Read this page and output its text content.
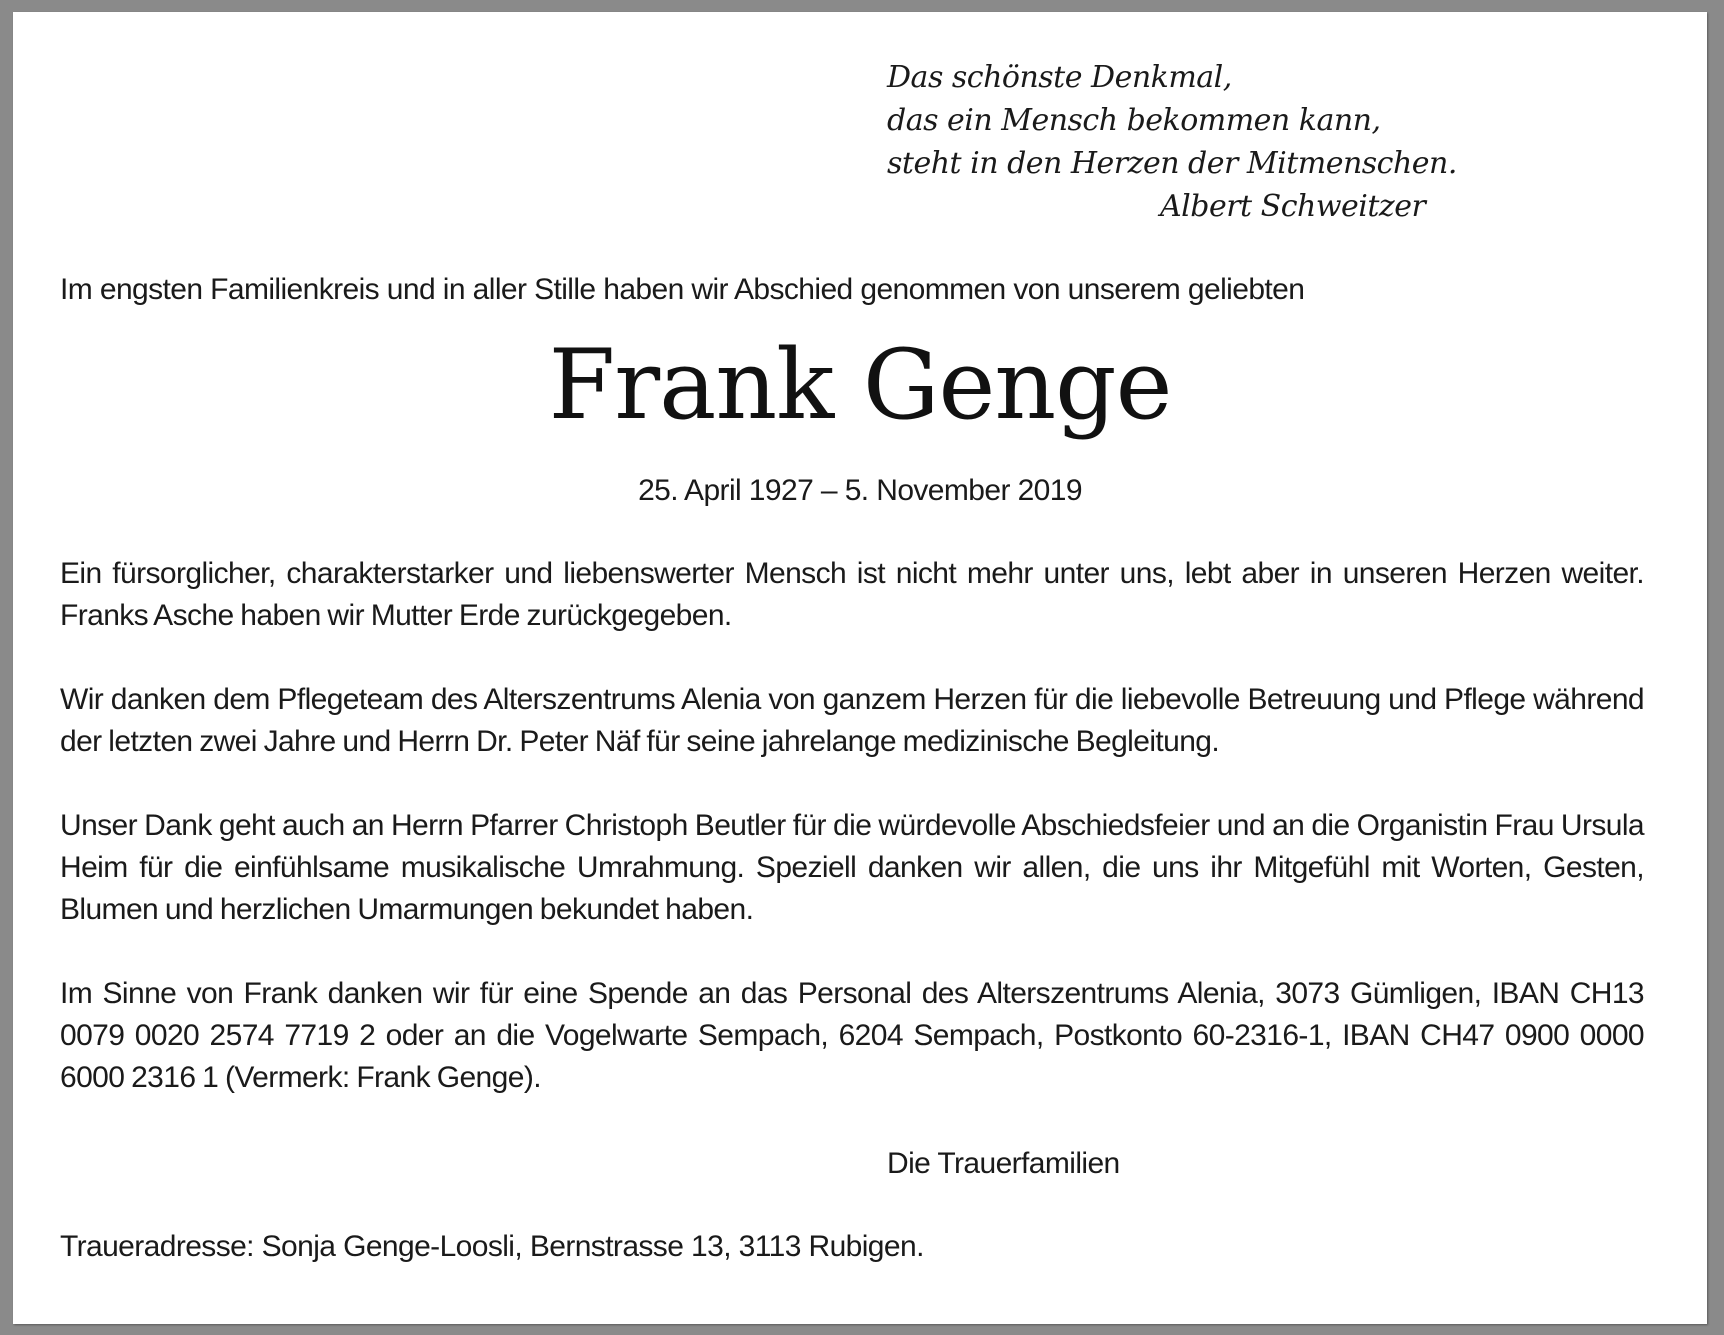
Das schönste Denkmal,
das ein Mensch bekommen kann,
steht in den Herzen der Mitmenschen.
Albert Schweitzer
Im engsten Familienkreis und in aller Stille haben wir Abschied genommen von unserem geliebten
Frank Genge
25. April 1927 – 5. November 2019
Ein fürsorglicher, charakterstarker und liebenswerter Mensch ist nicht mehr unter uns, lebt aber in unseren Herzen weiter. Franks Asche haben wir Mutter Erde zurückgegeben.
Wir danken dem Pflegeteam des Alterszentrums Alenia von ganzem Herzen für die liebevolle Betreuung und Pflege während der letzten zwei Jahre und Herrn Dr. Peter Näf für seine jahrelange medizinische Begleitung.
Unser Dank geht auch an Herrn Pfarrer Christoph Beutler für die würdevolle Abschiedsfeier und an die Organistin Frau Ursula Heim für die einfühlsame musikalische Umrahmung. Speziell danken wir allen, die uns ihr Mitgefühl mit Worten, Gesten, Blumen und herzlichen Umarmungen bekundet haben.
Im Sinne von Frank danken wir für eine Spende an das Personal des Alterszentrums Alenia, 3073 Gümligen, IBAN CH13 0079 0020 2574 7719 2 oder an die Vogelwarte Sempach, 6204 Sempach, Postkonto 60-2316-1, IBAN CH47 0900 0000 6000 2316 1 (Vermerk: Frank Genge).
Die Trauerfamilien
Traueradresse: Sonja Genge-Loosli, Bernstrasse 13, 3113 Rubigen.
